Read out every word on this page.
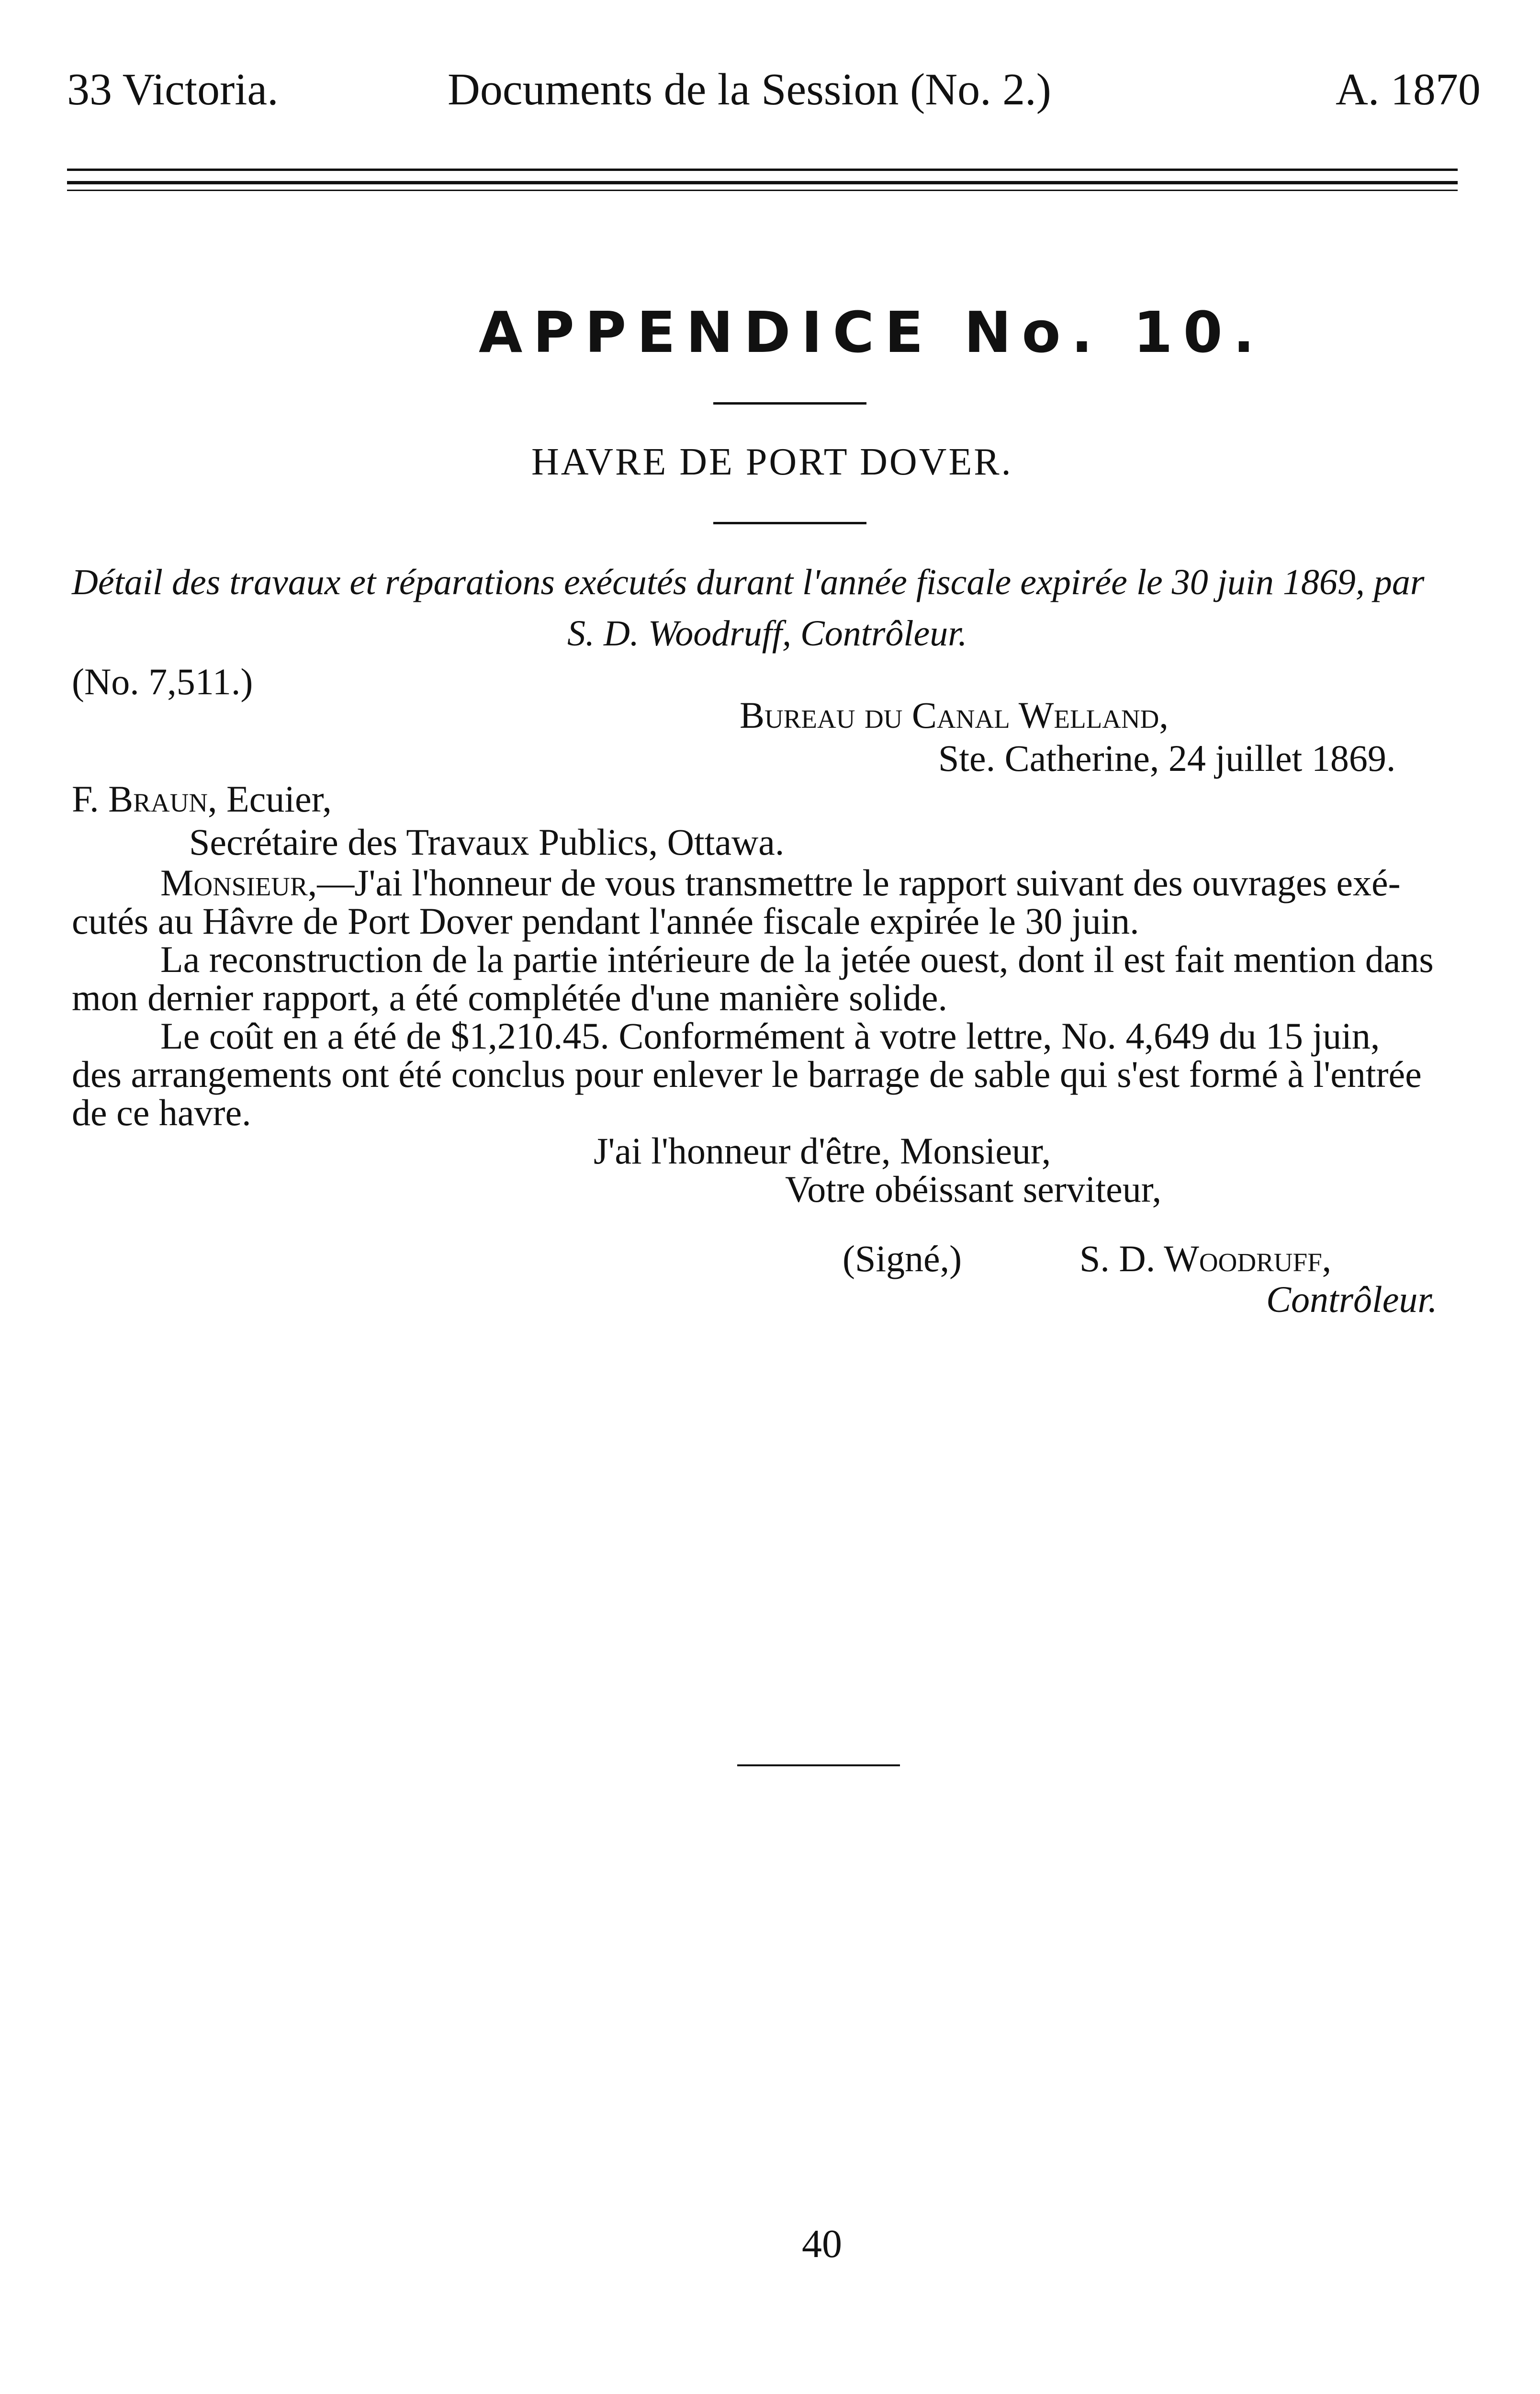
33 Victoria.	Documents de la Session (No. 2.)	A. 1870
APPENDICE No. 10.
HAVRE DE PORT DOVER.
Détail des travaux et réparations exécutés durant l'année fiscale expirée le 30 juin 1869, par
S. D. Woodruff, Contrôleur.
(No. 7,511.)
Bureau du Canal Welland,
Ste. Catherine, 24 juillet 1869.
F. Braun, Ecuier,
Secrétaire des Travaux Publics, Ottawa.
Monsieur,—J'ai l'honneur de vous transmettre le rapport suivant des ouvrages exé-
cutés au Hâvre de Port Dover pendant l'année fiscale expirée le 30 juin.
La reconstruction de la partie intérieure de la jetée ouest, dont il est fait mention dans
mon dernier rapport, a été complétée d'une manière solide.
Le coût en a été de $1,210.45. Conformément à votre lettre, No. 4,649 du 15 juin,
des arrangements ont été conclus pour enlever le barrage de sable qui s'est formé à l'entrée
de ce havre.
J'ai l'honneur d'être, Monsieur,
Votre obéissant serviteur,
(Signé,)	S. D. Woodruff,
Contrôleur.
40
